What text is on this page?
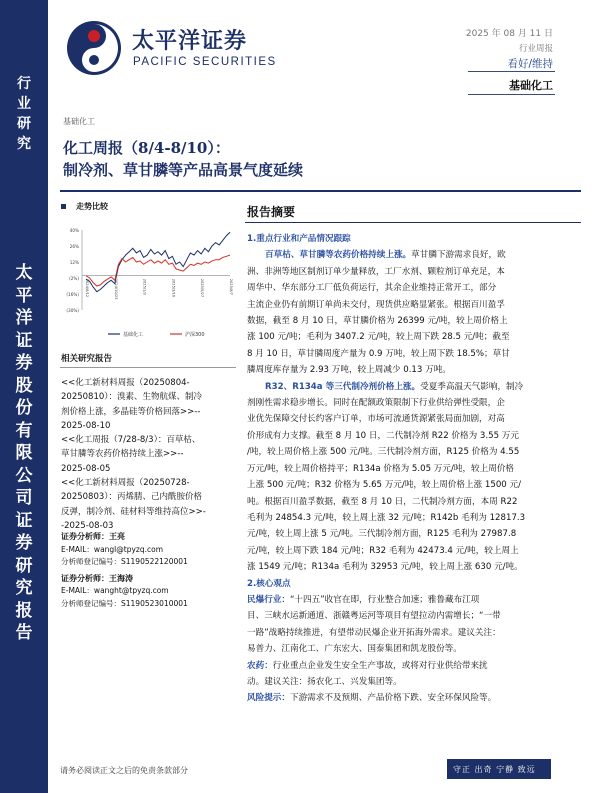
行
业
研
究
太
平
洋
证
券
股
份
有
限
公
司
证
券
研
究
报
告
太平洋证券
PACIFIC SECURITIES
2025 年 08 月 11 日
行业周报
看好/维持
基础化工
基础化工
化工周报（8/4-8/10）：
制冷剂、草甘膦等产品高景气度延续
走势比较
40%
26%
12%
(2%)
(16%)
(30%)
2024/8/12	2024/10/23	2025/1/3	2025/3/16	2025/5/27	2025/8/7
基础化工	沪深300
相关研究报告
<<化工新材料周报（20250804-
20250810）：溴素、生物航煤、制冷
剂价格上涨，多晶硅等价格回落>>--
2025-08-10
<<化工周报（7/28-8/3）：百草枯、
草甘膦等农药价格持续上涨>>--
2025-08-05
<<化工新材料周报（20250728-
20250803）：丙烯腈、己内酰胺价格
反弹，制冷剂、硅材料等维持高位>>-
-2025-08-03
证券分析师：王亮
E-MAIL：wangl@tpyzq.com
分析师登记编号：S1190522120001
证券分析师：王海涛
E-MAIL：wanght@tpyzq.com
分析师登记编号：S1190523010001
报告摘要
1.重点行业和产品情况跟踪
百草枯、草甘膦等农药价格持续上涨。草甘膦下游需求良好，欧
洲、非洲等地区制剂订单少量释放，工厂水剂、颗粒剂订单充足，本
周华中、华东部分工厂低负荷运行，其余企业维持正常开工，部分
主流企业仍有前期订单尚未交付，现货供应略显紧张。根据百川盈孚
数据，截至 8 月 10 日，草甘膦价格为 26399 元/吨，较上周价格上
涨 100 元/吨；毛利为 3407.2 元/吨，较上周下跌 28.5 元/吨；截至
8 月 10 日，草甘膦周度产量为 0.9 万吨，较上周下跌 18.5%；草甘
膦周度库存量为 2.93 万吨，较上周减少 0.13 万吨。
R32、R134a 等三代制冷剂价格上涨。受夏季高温天气影响，制冷
剂刚性需求稳步增长。同时在配额政策限制下行业供给弹性受限，企
业优先保障交付长约客户订单，市场可流通货源紧张局面加剧，对高
价形成有力支撑。截至 8 月 10 日，二代制冷剂 R22 价格为 3.55 万元
/吨，较上周价格上涨 500 元/吨。三代制冷剂方面，R125 价格为 4.55
万元/吨，较上周价格持平；R134a 价格为 5.05 万元/吨，较上周价格
上涨 500 元/吨；R32 价格为 5.65 万元/吨，较上周价格上涨 1500 元/
吨。根据百川盈孚数据，截至 8 月 10 日，二代制冷剂方面，本周 R22
毛利为 24854.3 元/吨，较上周上涨 32 元/吨；R142b 毛利为 12817.3
元/吨，较上周上涨 5 元/吨。三代制冷剂方面，R125 毛利为 27987.8
元/吨，较上周下跌 184 元/吨；R32 毛利为 42473.4 元/吨，较上周上
涨 1549 元/吨；R134a 毛利为 32953 元/吨，较上周上涨 630 元/吨。
2.核心观点
民爆行业：“十四五”收官在即，行业整合加速；雅鲁藏布江项
目、三峡水运新通道、浙赣粤运河等项目有望拉动内需增长；“一带
一路”战略持续推进，有望带动民爆企业开拓海外需求。建议关注：
易普力、江南化工、广东宏大、国泰集团和凯龙股份等。
农药：行业重点企业发生安全生产事故，或将对行业供给带来扰
动。建议关注：扬农化工、兴发集团等。
风险提示：下游需求不及预期、产品价格下跌、安全环保风险等。
请务必阅读正文之后的免责条款部分	守正 出奇 宁静 致远
